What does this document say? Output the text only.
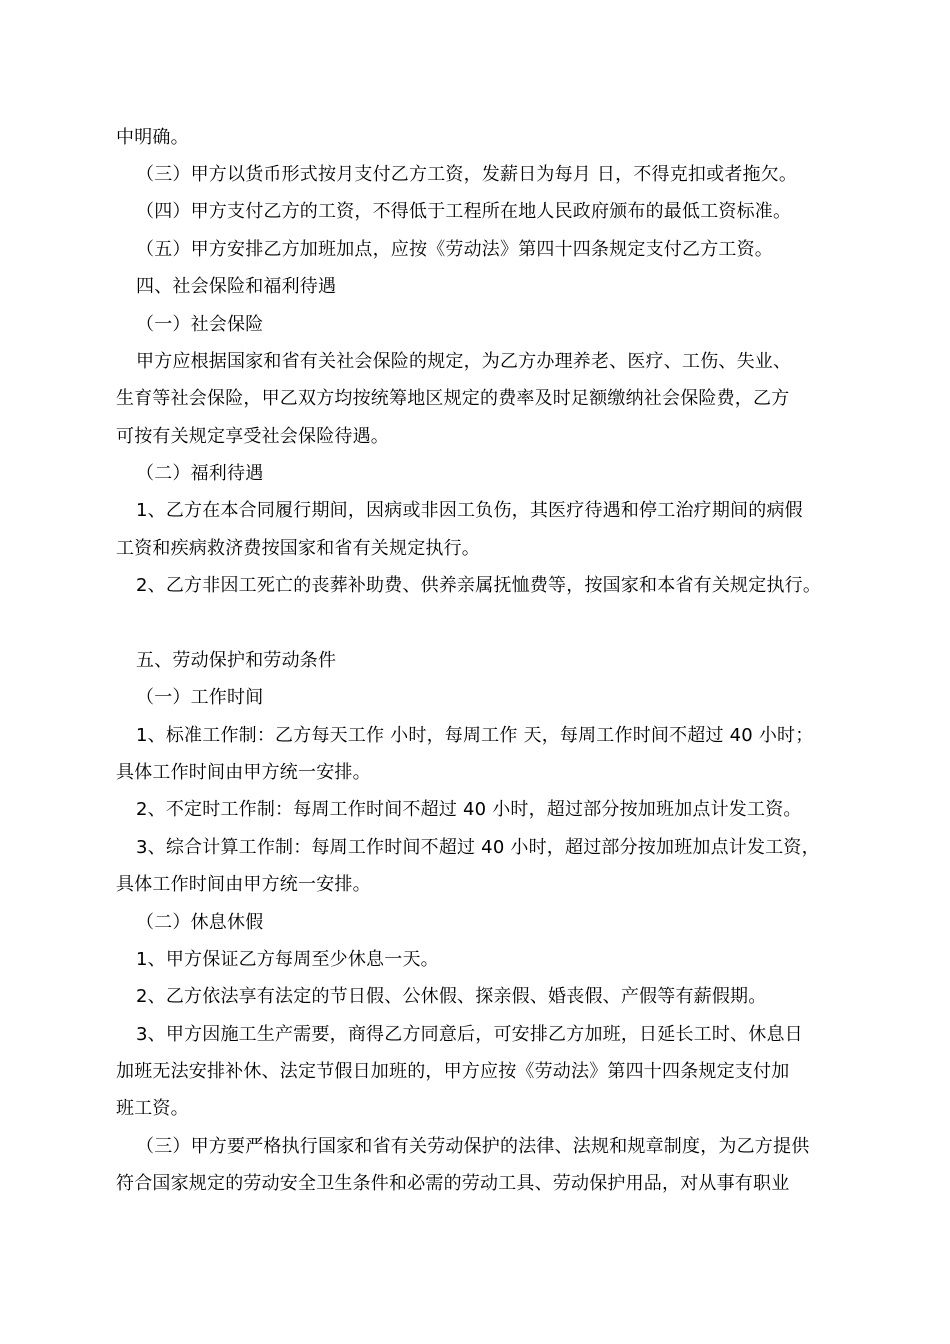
中明确。
（三）甲方以货币形式按月支付乙方工资，发薪日为每月 日，不得克扣或者拖欠。
（四）甲方支付乙方的工资，不得低于工程所在地人民政府颁布的最低工资标准。
（五）甲方安排乙方加班加点，应按《劳动法》第四十四条规定支付乙方工资。
四、社会保险和福利待遇
（一）社会保险
甲方应根据国家和省有关社会保险的规定，为乙方办理养老、医疗、工伤、失业、
生育等社会保险，甲乙双方均按统筹地区规定的费率及时足额缴纳社会保险费，乙方
可按有关规定享受社会保险待遇。
（二）福利待遇
1、乙方在本合同履行期间，因病或非因工负伤，其医疗待遇和停工治疗期间的病假
工资和疾病救济费按国家和省有关规定执行。
2、乙方非因工死亡的丧葬补助费、供养亲属抚恤费等，按国家和本省有关规定执行。
五、劳动保护和劳动条件
（一）工作时间
1、标准工作制：乙方每天工作 小时，每周工作 天，每周工作时间不超过 40 小时；
具体工作时间由甲方统一安排。
2、不定时工作制：每周工作时间不超过 40 小时，超过部分按加班加点计发工资。
3、综合计算工作制：每周工作时间不超过 40 小时，超过部分按加班加点计发工资，
具体工作时间由甲方统一安排。
（二）休息休假
1、甲方保证乙方每周至少休息一天。
2、乙方依法享有法定的节日假、公休假、探亲假、婚丧假、产假等有薪假期。
3、甲方因施工生产需要，商得乙方同意后，可安排乙方加班，日延长工时、休息日
加班无法安排补休、法定节假日加班的，甲方应按《劳动法》第四十四条规定支付加
班工资。
（三）甲方要严格执行国家和省有关劳动保护的法律、法规和规章制度，为乙方提供
符合国家规定的劳动安全卫生条件和必需的劳动工具、劳动保护用品，对从事有职业
